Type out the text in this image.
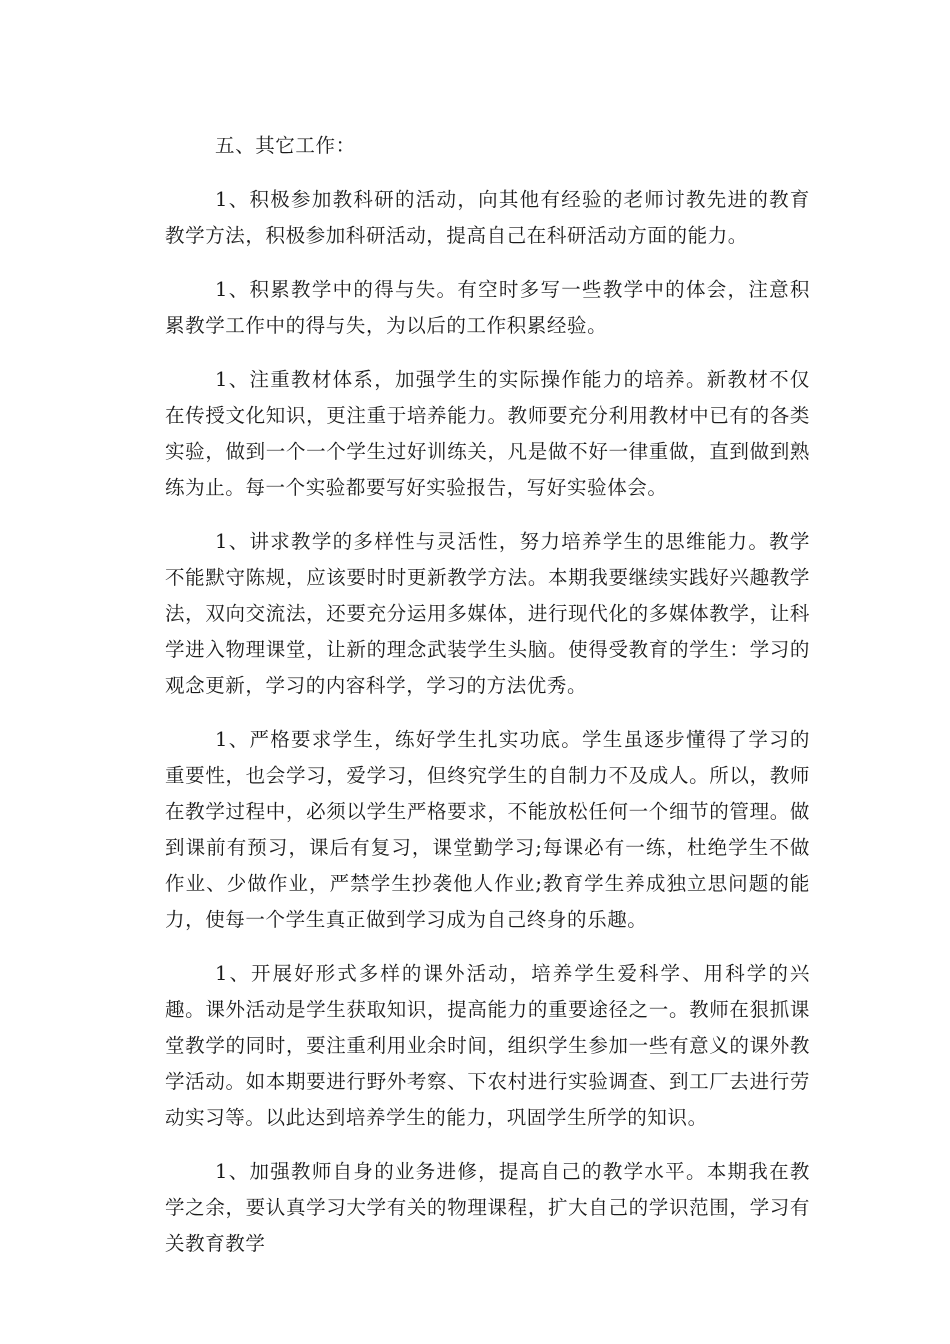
五、其它工作：

1、积极参加教科研的活动，向其他有经验的老师讨教先进的教育教学方法，积极参加科研活动，提高自己在科研活动方面的能力。

1、积累教学中的得与失。有空时多写一些教学中的体会，注意积累教学工作中的得与失，为以后的工作积累经验。

1、注重教材体系，加强学生的实际操作能力的培养。新教材不仅在传授文化知识，更注重于培养能力。教师要充分利用教材中已有的各类实验，做到一个一个学生过好训练关，凡是做不好一律重做，直到做到熟练为止。每一个实验都要写好实验报告，写好实验体会。

1、讲求教学的多样性与灵活性，努力培养学生的思维能力。教学不能默守陈规，应该要时时更新教学方法。本期我要继续实践好兴趣教学法，双向交流法，还要充分运用多媒体，进行现代化的多媒体教学，让科学进入物理课堂，让新的理念武装学生头脑。使得受教育的学生：学习的观念更新，学习的内容科学，学习的方法优秀。

1、严格要求学生，练好学生扎实功底。学生虽逐步懂得了学习的重要性，也会学习，爱学习，但终究学生的自制力不及成人。所以，教师在教学过程中，必须以学生严格要求，不能放松任何一个细节的管理。做到课前有预习，课后有复习，课堂勤学习;每课必有一练，杜绝学生不做作业、少做作业，严禁学生抄袭他人作业;教育学生养成独立思问题的能力，使每一个学生真正做到学习成为自己终身的乐趣。

1、开展好形式多样的课外活动，培养学生爱科学、用科学的兴趣。课外活动是学生获取知识，提高能力的重要途径之一。教师在狠抓课堂教学的同时，要注重利用业余时间，组织学生参加一些有意义的课外教学活动。如本期要进行野外考察、下农村进行实验调查、到工厂去进行劳动实习等。以此达到培养学生的能力，巩固学生所学的知识。

1、加强教师自身的业务进修，提高自己的教学水平。本期我在教学之余，要认真学习大学有关的物理课程，扩大自己的学识范围，学习有关教育教学
